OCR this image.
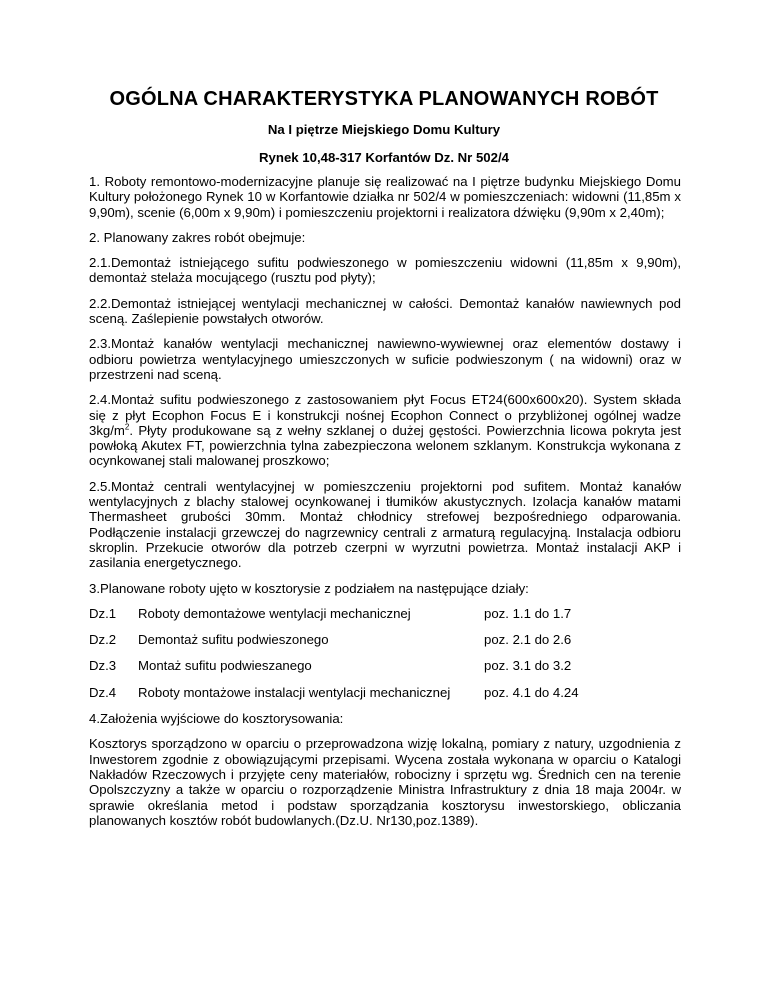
OGÓLNA CHARAKTERYSTYKA PLANOWANYCH ROBÓT
Na I piętrze Miejskiego Domu Kultury
Rynek 10,48-317 Korfantów Dz. Nr 502/4

1. Roboty remontowo-modernizacyjne planuje się realizować na I piętrze budynku Miejskiego Domu Kultury położonego Rynek 10 w Korfantowie działka nr 502/4 w pomieszczeniach: widowni (11,85m x 9,90m), scenie (6,00m x 9,90m) i pomieszczeniu projektorni i realizatora dźwięku (9,90m x 2,40m);

2. Planowany zakres robót obejmuje:

2.1.Demontaż istniejącego sufitu podwieszonego w pomieszczeniu widowni (11,85m x 9,90m), demontaż stelaża mocującego (rusztu pod płyty);

2.2.Demontaż istniejącej wentylacji mechanicznej w całości. Demontaż kanałów nawiewnych pod sceną. Zaślepienie powstałych otworów.

2.3.Montaż kanałów wentylacji mechanicznej nawiewno-wywiewnej oraz elementów dostawy i odbioru powietrza wentylacyjnego umieszczonych w suficie podwieszonym ( na widowni) oraz w przestrzeni nad sceną.

2.4.Montaż sufitu podwieszonego z zastosowaniem płyt Focus ET24(600x600x20). System składa się z płyt Ecophon Focus E i konstrukcji nośnej Ecophon Connect o przybliżonej ogólnej wadze $3kg/m^2$. Płyty produkowane są z wełny szklanej o dużej gęstości. Powierzchnia licowa pokryta jest powłoką Akutex FT, powierzchnia tylna zabezpieczona welonem szklanym. Konstrukcja wykonana z ocynkowanej stali malowanej proszkowo;

2.5.Montaż centrali wentylacyjnej w pomieszczeniu projektorni pod sufitem. Montaż kanałów wentylacyjnych z blachy stalowej ocynkowanej i tłumików akustycznych. Izolacja kanałów matami Thermasheet grubości 30mm. Montaż chłodnicy strefowej bezpośredniego odparowania. Podłączenie instalacji grzewczej do nagrzewnicy centrali z armaturą regulacyjną. Instalacja odbioru skroplin. Przekucie otworów dla potrzeb czerpni w wyrzutni powietrza. Montaż instalacji AKP i zasilania energetycznego.

3.Planowane roboty ujęto w kosztorysie z podziałem na następujące działy:

Dz.1	Roboty demontażowe wentylacji mechanicznej	poz. 1.1 do 1.7
Dz.2	Demontaż sufitu podwieszonego	poz. 2.1 do 2.6
Dz.3	Montaż sufitu podwieszanego	poz. 3.1 do 3.2
Dz.4	Roboty montażowe instalacji wentylacji mechanicznej	poz. 4.1 do 4.24

4.Założenia wyjściowe do kosztorysowania:

Kosztorys sporządzono w oparciu o przeprowadzona wizję lokalną, pomiary z natury, uzgodnienia z Inwestorem zgodnie z obowiązującymi przepisami. Wycena została wykonana w oparciu o Katalogi Nakładów Rzeczowych i przyjęte ceny materiałów, robocizny i sprzętu wg. Średnich cen na terenie Opolszczyzny a także w oparciu o rozporządzenie Ministra Infrastruktury z dnia 18 maja 2004r. w sprawie określania metod i podstaw sporządzania kosztorysu inwestorskiego, obliczania planowanych kosztów robót budowlanych.(Dz.U. Nr130,poz.1389).
